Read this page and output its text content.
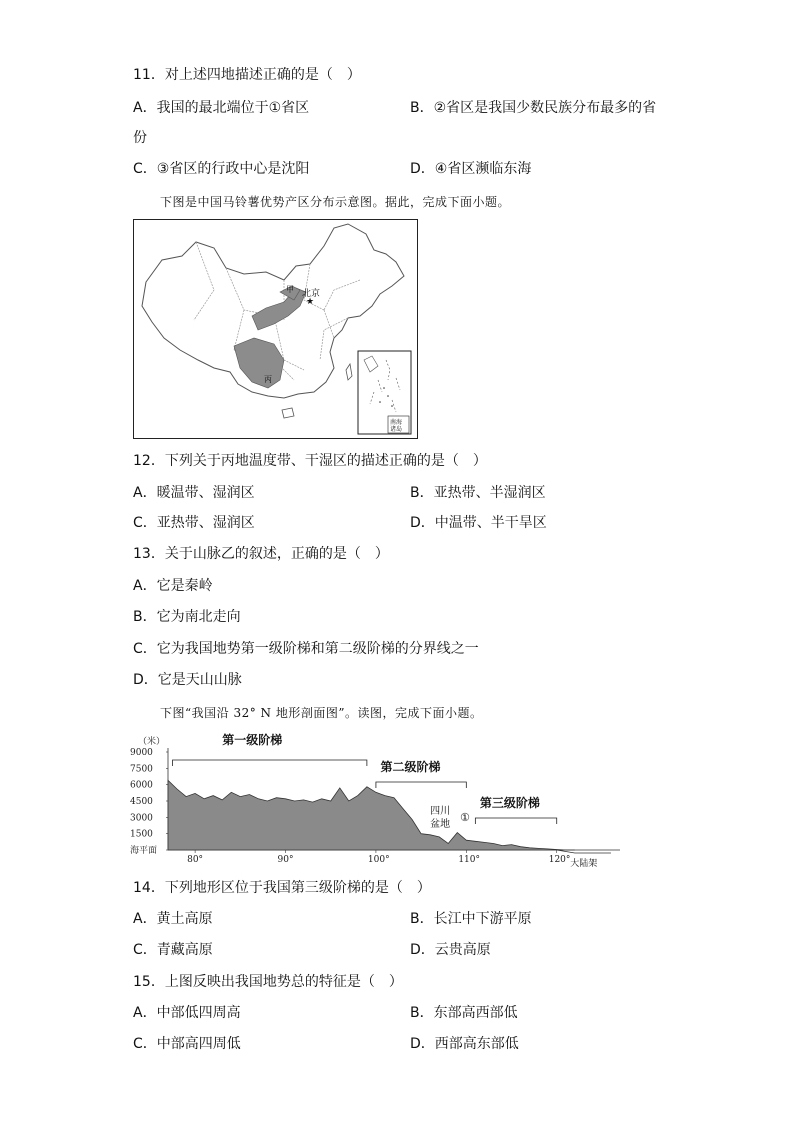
11．对上述四地描述正确的是（　）
A．我国的最北端位于①省区	B．②省区是我国少数民族分布最多的省
份
C．③省区的行政中心是沈阳	D．④省区濒临东海
下图是中国马铃薯优势产区分布示意图。据此，完成下面小题。
★
北京
甲
丙
南海
诸岛
12．下列关于丙地温度带、干湿区的描述正确的是（　）
A．暖温带、湿润区	B．亚热带、半湿润区
C．亚热带、湿润区	D．中温带、半干旱区
13．关于山脉乙的叙述，正确的是（　）
A．它是秦岭
B．它为南北走向
C．它为我国地势第一级阶梯和第二级阶梯的分界线之一
D．它是天山山脉
下图“我国沿 32° N 地形剖面图”。读图，完成下面小题。
（米）
9000
7500
6000
4500
3000
1500
海平面
80°	90°	100°	110°	120°
第一级阶梯
第二级阶梯
第三级阶梯
四川
盆地
①
大陆架
14．下列地形区位于我国第三级阶梯的是（　）
A．黄土高原	B．长江中下游平原
C．青藏高原	D．云贵高原
15．上图反映出我国地势总的特征是（　）
A．中部低四周高	B．东部高西部低
C．中部高四周低	D．西部高东部低
